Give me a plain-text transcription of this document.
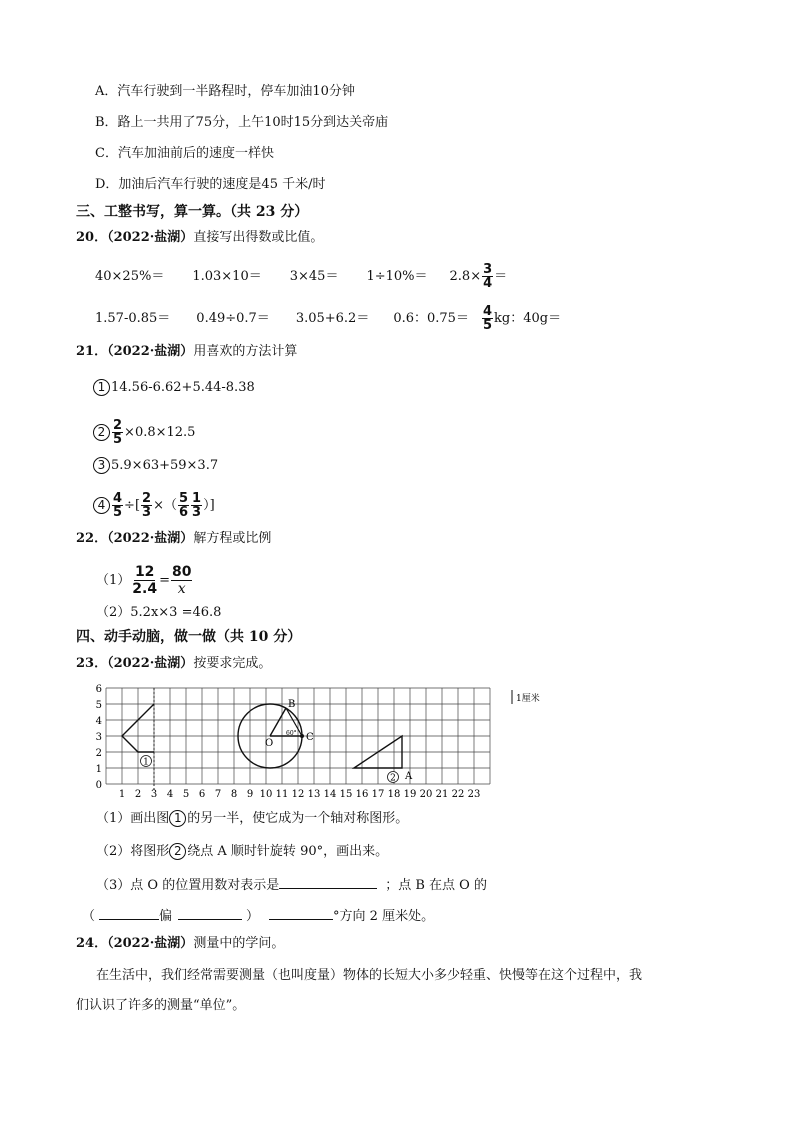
A．汽车行驶到一半路程时，停车加油10分钟
B．路上一共用了75分，上午10时15分到达关帝庙
C．汽车加油前后的速度一样快
D．加油后汽车行驶的速度是45 千米/时
三、工整书写，算一算。（共 23 分）
20．（2022·盐湖）直接写出得数或比值。
$40\times 25\%= 1.03\times 10= 3\times 45= 1\div 10\%= 2.8\times \frac{3}{4}$ ＝
1.57-0.85＝ 0.49÷0.7＝ 3.05+6.2＝ 0.6：$0.75= \frac{4}{5}$ kg：40g＝
21．（2022·盐湖）用喜欢的方法计算
1 14.56-6.62+5.44-8.38
$2 \frac{2}{5} \times 0.8\times 12.5$
3 5.9×63+59×3.7
$4 \frac{4}{5}$ ÷[ $\frac{2}{3}$ ×（ $\frac{5}{6} \frac{1}{3}$ ）]
22．（2022·盐湖）解方程或比例
$(1) \frac{12}{2.4} = \frac{80}{x}$
（2）5.2x×3 =46.8
四、动手动脑，做一做（共 10 分）
23．（2022·盐湖）按要求完成。
1 2 3 4 5 6 7 8 9 10 11 12 13 14 15 16 17 18 19 20 21 22 23
0
1
2
3
4
5
6
1
O
B
C
60°
2 A
1厘米
（1）画出图 1 的另一半，使它成为一个轴对称图形。
（2）将图形 2 绕点 A 顺时针旋转 90°，画出来。
（3）点 O 的位置用数对表示是	；点 B 在点 O 的
（	偏	）	°方向 2 厘米处。
24．（2022·盐湖）测量中的学问。
在生活中，我们经常需要测量（也叫度量）物体的长短大小多少轻重、快慢等在这个过程中，我
们认识了许多的测量“单位”。
